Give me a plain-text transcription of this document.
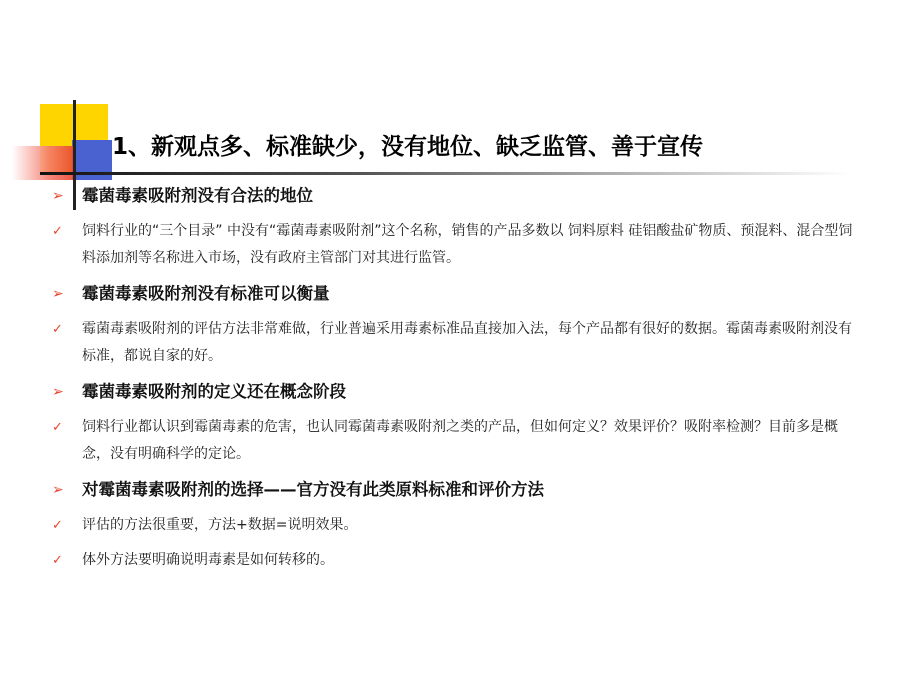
1、新观点多、标准缺少，没有地位、缺乏监管、善于宣传
➢ 霉菌毒素吸附剂没有合法的地位
✓ 饲料行业的“三个目录” 中没有“霉菌毒素吸附剂”这个名称，销售的产品多数以 饲料原料 硅铝酸盐矿物质、预混料、混合型饲料添加剂等名称进入市场，没有政府主管部门对其进行监管。
➢ 霉菌毒素吸附剂没有标准可以衡量
✓ 霉菌毒素吸附剂的评估方法非常难做，行业普遍采用毒素标准品直接加入法，每个产品都有很好的数据。霉菌毒素吸附剂没有标准，都说自家的好。
➢ 霉菌毒素吸附剂的定义还在概念阶段
✓ 饲料行业都认识到霉菌毒素的危害，也认同霉菌毒素吸附剂之类的产品，但如何定义？效果评价？吸附率检测？目前多是概念，没有明确科学的定论。
➢ 对霉菌毒素吸附剂的选择——官方没有此类原料标准和评价方法
✓ 评估的方法很重要，方法+数据=说明效果。
✓ 体外方法要明确说明毒素是如何转移的。
